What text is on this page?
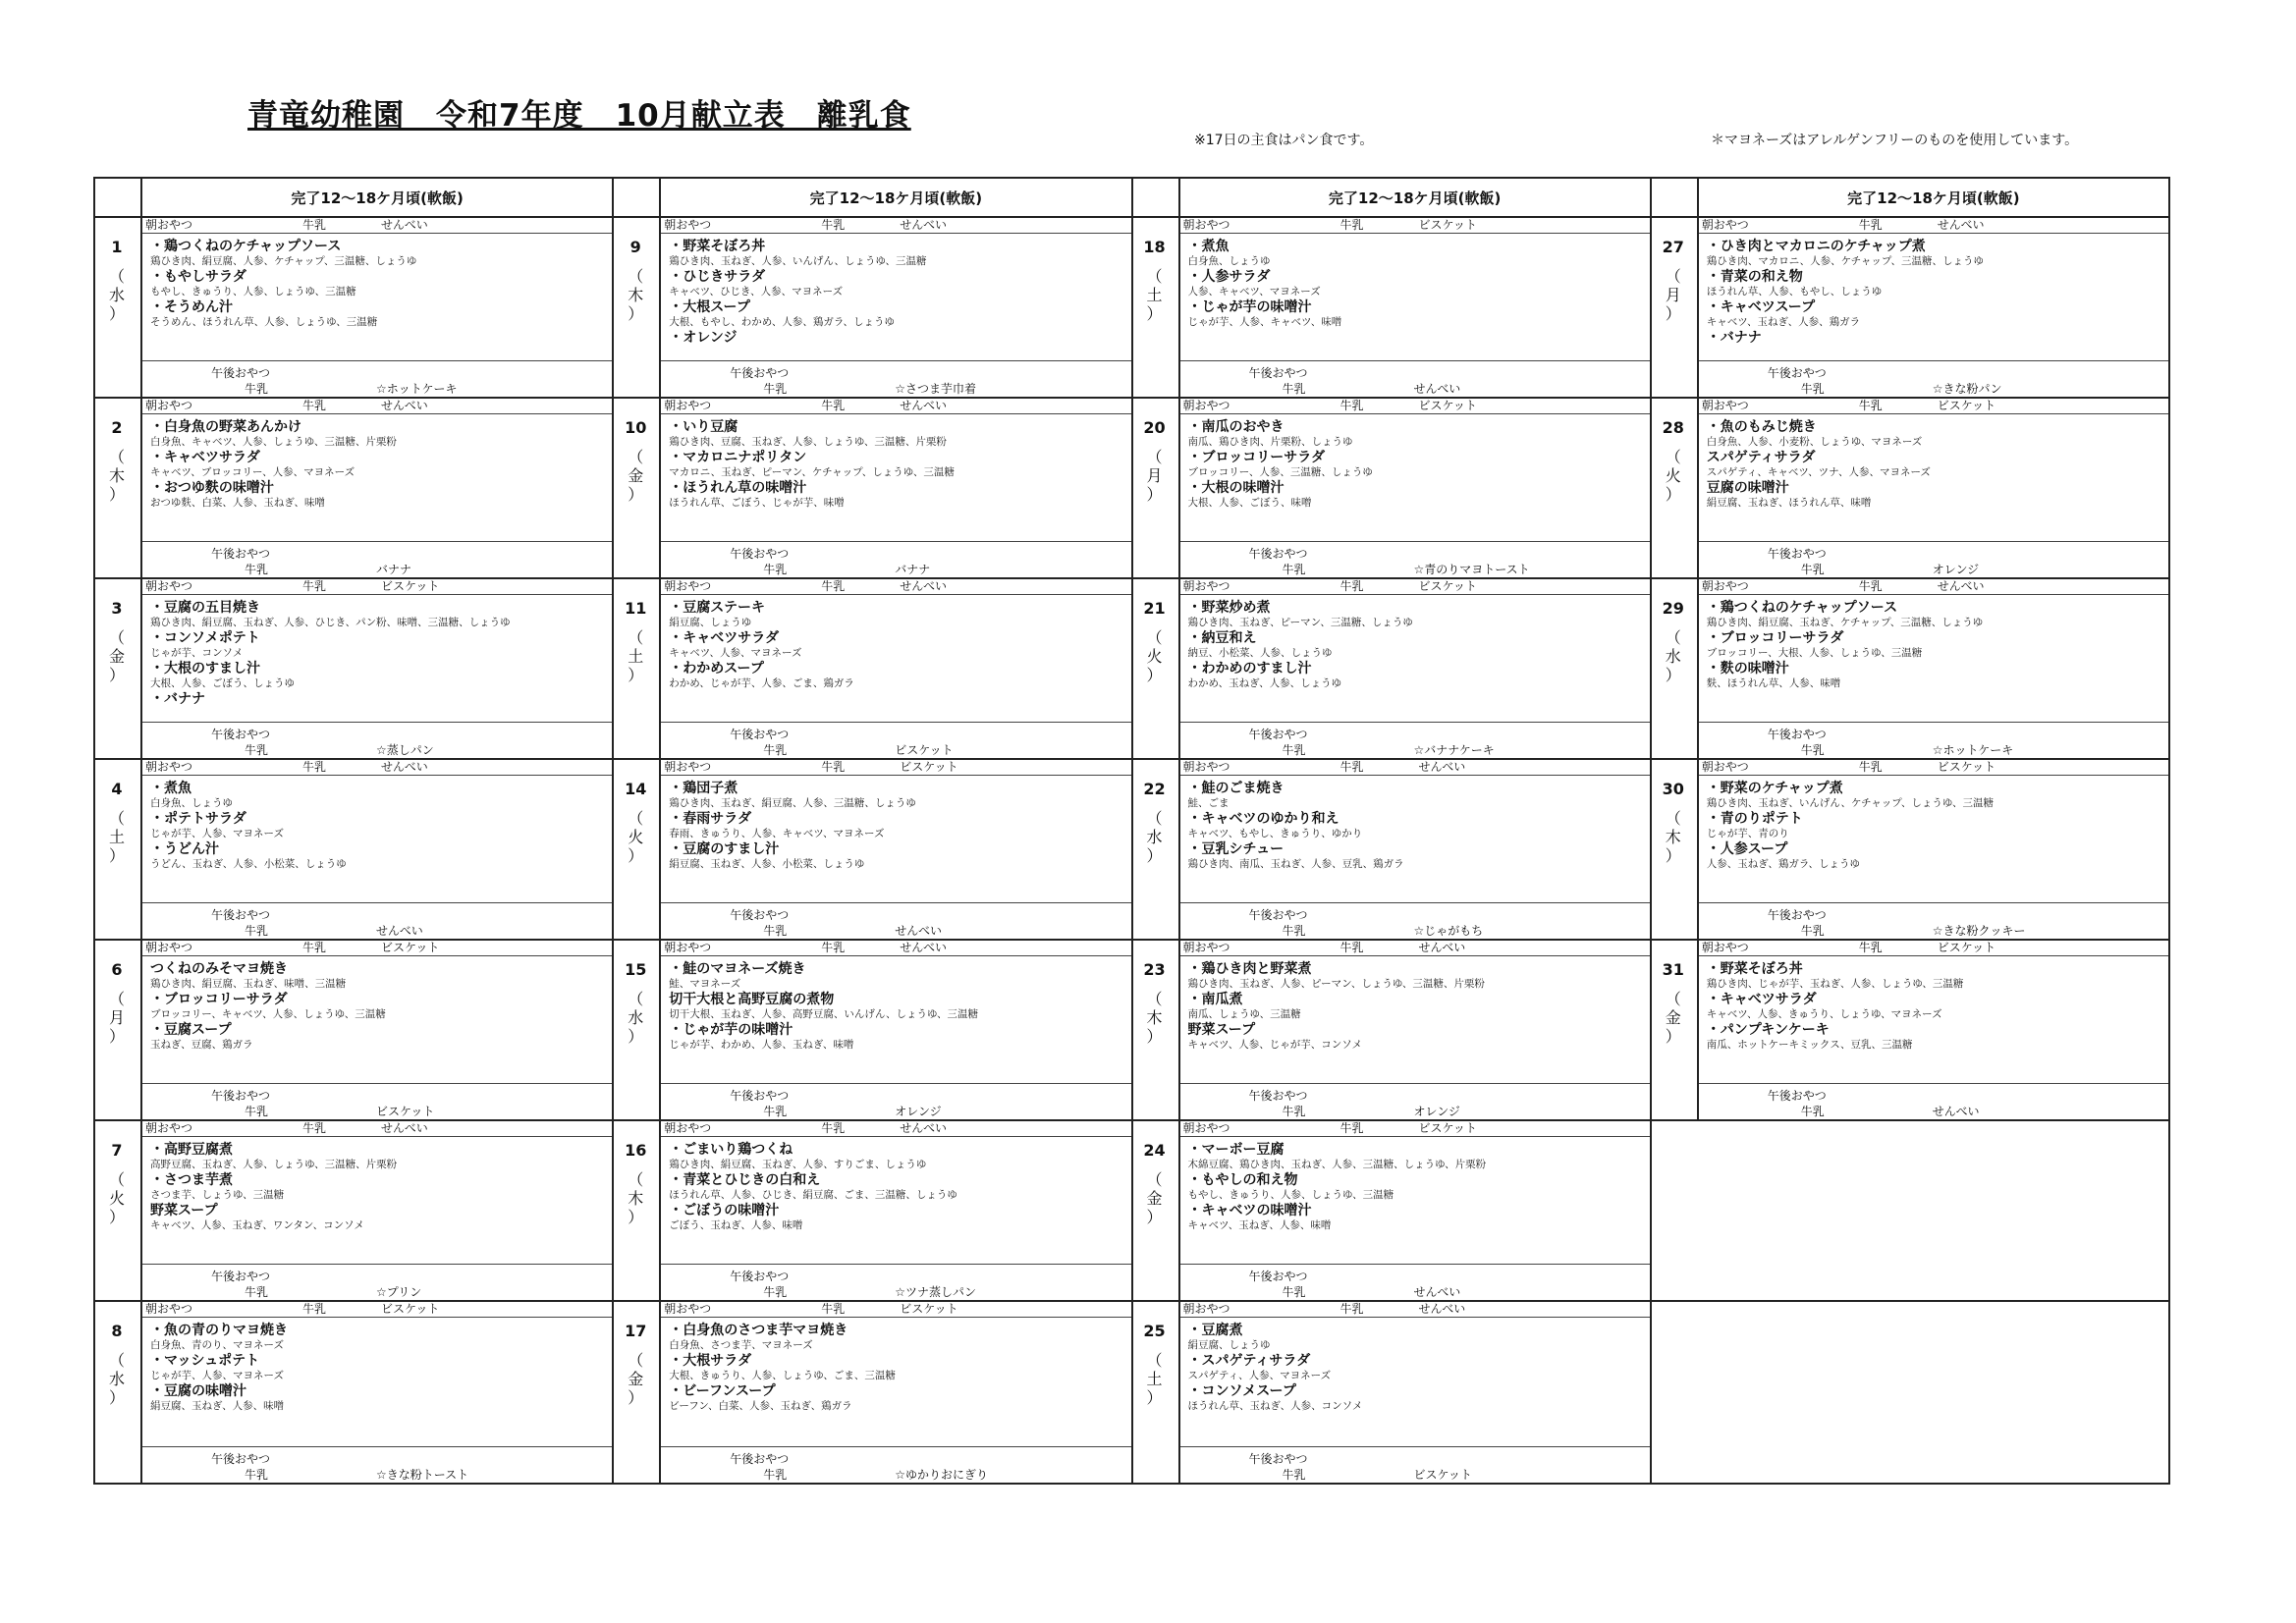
青竜幼稚園　令和7年度　10月献立表　離乳食
※17日の主食はパン食です。	＊マヨネーズはアレルゲンフリーのものを使用しています。
完了12～18ケ月頃(軟飯)
1
（
水
）
朝おやつ	牛乳	せんべい
・鶏つくねのケチャップソース
鶏ひき肉、絹豆腐、人参、ケチャップ、三温糖、しょうゆ
・もやしサラダ
もやし、きゅうり、人参、しょうゆ、三温糖
・そうめん汁
そうめん、ほうれん草、人参、しょうゆ、三温糖
午後おやつ
牛乳	☆ホットケーキ
2
（
木
）
朝おやつ	牛乳	せんべい
・白身魚の野菜あんかけ
白身魚、キャベツ、人参、しょうゆ、三温糖、片栗粉
・キャベツサラダ
キャベツ、ブロッコリー、人参、マヨネーズ
・おつゆ麩の味噌汁
おつゆ麩、白菜、人参、玉ねぎ、味噌
午後おやつ
牛乳	バナナ
3
（
金
）
朝おやつ	牛乳	ビスケット
・豆腐の五目焼き
鶏ひき肉、絹豆腐、玉ねぎ、人参、ひじき、パン粉、味噌、三温糖、しょうゆ
・コンソメポテト
じゃが芋、コンソメ
・大根のすまし汁
大根、人参、ごぼう、しょうゆ
・バナナ
午後おやつ
牛乳	☆蒸しパン
4
（
土
）
朝おやつ	牛乳	せんべい
・煮魚
白身魚、しょうゆ
・ポテトサラダ
じゃが芋、人参、マヨネーズ
・うどん汁
うどん、玉ねぎ、人参、小松菜、しょうゆ
午後おやつ
牛乳	せんべい
6
（
月
）
朝おやつ	牛乳	ビスケット
つくねのみそマヨ焼き
鶏ひき肉、絹豆腐、玉ねぎ、味噌、三温糖
・ブロッコリーサラダ
ブロッコリー、キャベツ、人参、しょうゆ、三温糖
・豆腐スープ
玉ねぎ、豆腐、鶏ガラ
午後おやつ
牛乳	ビスケット
7
（
火
）
朝おやつ	牛乳	せんべい
・高野豆腐煮
高野豆腐、玉ねぎ、人参、しょうゆ、三温糖、片栗粉
・さつま芋煮
さつま芋、しょうゆ、三温糖
野菜スープ
キャベツ、人参、玉ねぎ、ワンタン、コンソメ
午後おやつ
牛乳	☆プリン
8
（
水
）
朝おやつ	牛乳	ビスケット
・魚の青のりマヨ焼き
白身魚、青のり、マヨネーズ
・マッシュポテト
じゃが芋、人参、マヨネーズ
・豆腐の味噌汁
絹豆腐、玉ねぎ、人参、味噌
午後おやつ
牛乳	☆きな粉トースト
完了12～18ケ月頃(軟飯)
9
（
木
）
朝おやつ	牛乳	せんべい
・野菜そぼろ丼
鶏ひき肉、玉ねぎ、人参、いんげん、しょうゆ、三温糖
・ひじきサラダ
キャベツ、ひじき、人参、マヨネーズ
・大根スープ
大根、もやし、わかめ、人参、鶏ガラ、しょうゆ
・オレンジ
午後おやつ
牛乳	☆さつま芋巾着
10
（
金
）
朝おやつ	牛乳	せんべい
・いり豆腐
鶏ひき肉、豆腐、玉ねぎ、人参、しょうゆ、三温糖、片栗粉
・マカロニナポリタン
マカロニ、玉ねぎ、ピーマン、ケチャップ、しょうゆ、三温糖
・ほうれん草の味噌汁
ほうれん草、ごぼう、じゃが芋、味噌
午後おやつ
牛乳	バナナ
11
（
土
）
朝おやつ	牛乳	せんべい
・豆腐ステーキ
絹豆腐、しょうゆ
・キャベツサラダ
キャベツ、人参、マヨネーズ
・わかめスープ
わかめ、じゃが芋、人参、ごま、鶏ガラ
午後おやつ
牛乳	ビスケット
14
（
火
）
朝おやつ	牛乳	ビスケット
・鶏団子煮
鶏ひき肉、玉ねぎ、絹豆腐、人参、三温糖、しょうゆ
・春雨サラダ
春雨、きゅうり、人参、キャベツ、マヨネーズ
・豆腐のすまし汁
絹豆腐、玉ねぎ、人参、小松菜、しょうゆ
午後おやつ
牛乳	せんべい
15
（
水
）
朝おやつ	牛乳	せんべい
・鮭のマヨネーズ焼き
鮭、マヨネーズ
切干大根と高野豆腐の煮物
切干大根、玉ねぎ、人参、高野豆腐、いんげん、しょうゆ、三温糖
・じゃが芋の味噌汁
じゃが芋、わかめ、人参、玉ねぎ、味噌
午後おやつ
牛乳	オレンジ
16
（
木
）
朝おやつ	牛乳	せんべい
・ごまいり鶏つくね
鶏ひき肉、絹豆腐、玉ねぎ、人参、すりごま、しょうゆ
・青菜とひじきの白和え
ほうれん草、人参、ひじき、絹豆腐、ごま、三温糖、しょうゆ
・ごぼうの味噌汁
ごぼう、玉ねぎ、人参、味噌
午後おやつ
牛乳	☆ツナ蒸しパン
17
（
金
）
朝おやつ	牛乳	ビスケット
・白身魚のさつま芋マヨ焼き
白身魚、さつま芋、マヨネーズ
・大根サラダ
大根、きゅうり、人参、しょうゆ、ごま、三温糖
・ビーフンスープ
ビーフン、白菜、人参、玉ねぎ、鶏ガラ
午後おやつ
牛乳	☆ゆかりおにぎり
完了12～18ケ月頃(軟飯)
18
（
土
）
朝おやつ	牛乳	ビスケット
・煮魚
白身魚、しょうゆ
・人参サラダ
人参、キャベツ、マヨネーズ
・じゃが芋の味噌汁
じゃが芋、人参、キャベツ、味噌
午後おやつ
牛乳	せんべい
20
（
月
）
朝おやつ	牛乳	ビスケット
・南瓜のおやき
南瓜、鶏ひき肉、片栗粉、しょうゆ
・ブロッコリーサラダ
ブロッコリー、人参、三温糖、しょうゆ
・大根の味噌汁
大根、人参、ごぼう、味噌
午後おやつ
牛乳	☆青のりマヨトースト
21
（
火
）
朝おやつ	牛乳	ビスケット
・野菜炒め煮
鶏ひき肉、玉ねぎ、ピーマン、三温糖、しょうゆ
・納豆和え
納豆、小松菜、人参、しょうゆ
・わかめのすまし汁
わかめ、玉ねぎ、人参、しょうゆ
午後おやつ
牛乳	☆バナナケーキ
22
（
水
）
朝おやつ	牛乳	せんべい
・鮭のごま焼き
鮭、ごま
・キャベツのゆかり和え
キャベツ、もやし、きゅうり、ゆかり
・豆乳シチュー
鶏ひき肉、南瓜、玉ねぎ、人参、豆乳、鶏ガラ
午後おやつ
牛乳	☆じゃがもち
23
（
木
）
朝おやつ	牛乳	せんべい
・鶏ひき肉と野菜煮
鶏ひき肉、玉ねぎ、人参、ピーマン、しょうゆ、三温糖、片栗粉
・南瓜煮
南瓜、しょうゆ、三温糖
野菜スープ
キャベツ、人参、じゃが芋、コンソメ
午後おやつ
牛乳	オレンジ
24
（
金
）
朝おやつ	牛乳	ビスケット
・マーボー豆腐
木綿豆腐、鶏ひき肉、玉ねぎ、人参、三温糖、しょうゆ、片栗粉
・もやしの和え物
もやし、きゅうり、人参、しょうゆ、三温糖
・キャベツの味噌汁
キャベツ、玉ねぎ、人参、味噌
午後おやつ
牛乳	せんべい
25
（
土
）
朝おやつ	牛乳	せんべい
・豆腐煮
絹豆腐、しょうゆ
・スパゲティサラダ
スパゲティ、人参、マヨネーズ
・コンソメスープ
ほうれん草、玉ねぎ、人参、コンソメ
午後おやつ
牛乳	ビスケット
完了12～18ケ月頃(軟飯)
27
（
月
）
朝おやつ	牛乳	せんべい
・ひき肉とマカロニのケチャップ煮
鶏ひき肉、マカロニ、人参、ケチャップ、三温糖、しょうゆ
・青菜の和え物
ほうれん草、人参、もやし、しょうゆ
・キャベツスープ
キャベツ、玉ねぎ、人参、鶏ガラ
・バナナ
午後おやつ
牛乳	☆きな粉パン
28
（
火
）
朝おやつ	牛乳	ビスケット
・魚のもみじ焼き
白身魚、人参、小麦粉、しょうゆ、マヨネーズ
スパゲティサラダ
スパゲティ、キャベツ、ツナ、人参、マヨネーズ
豆腐の味噌汁
絹豆腐、玉ねぎ、ほうれん草、味噌
午後おやつ
牛乳	オレンジ
29
（
水
）
朝おやつ	牛乳	せんべい
・鶏つくねのケチャップソース
鶏ひき肉、絹豆腐、玉ねぎ、ケチャップ、三温糖、しょうゆ
・ブロッコリーサラダ
ブロッコリー、大根、人参、しょうゆ、三温糖
・麩の味噌汁
麩、ほうれん草、人参、味噌
午後おやつ
牛乳	☆ホットケーキ
30
（
木
）
朝おやつ	牛乳	ビスケット
・野菜のケチャップ煮
鶏ひき肉、玉ねぎ、いんげん、ケチャップ、しょうゆ、三温糖
・青のりポテト
じゃが芋、青のり
・人参スープ
人参、玉ねぎ、鶏ガラ、しょうゆ
午後おやつ
牛乳	☆きな粉クッキー
31
（
金
）
朝おやつ	牛乳	ビスケット
・野菜そぼろ丼
鶏ひき肉、じゃが芋、玉ねぎ、人参、しょうゆ、三温糖
・キャベツサラダ
キャベツ、人参、きゅうり、しょうゆ、マヨネーズ
・パンプキンケーキ
南瓜、ホットケーキミックス、豆乳、三温糖
午後おやつ
牛乳	せんべい
